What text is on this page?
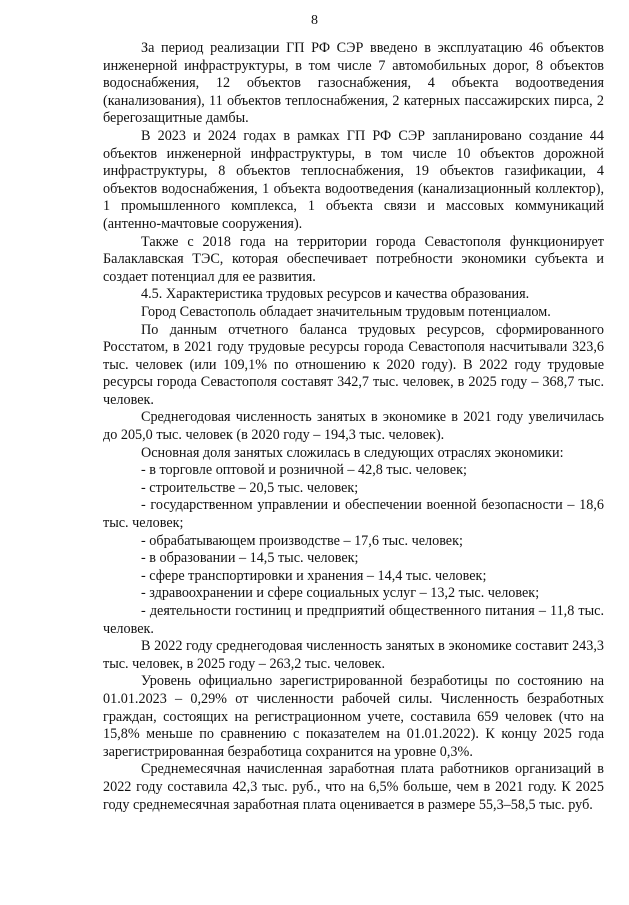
8

За период реализации ГП РФ СЭР введено в эксплуатацию 46 объектов инженерной инфраструктуры, в том числе 7 автомобильных дорог, 8 объектов водоснабжения, 12 объектов газоснабжения, 4 объекта водоотведения (канализования), 11 объектов теплоснабжения, 2 катерных пассажирских пирса, 2 берегозащитные дамбы.

В 2023 и 2024 годах в рамках ГП РФ СЭР запланировано создание 44 объектов инженерной инфраструктуры, в том числе 10 объектов дорожной инфраструктуры, 8 объектов теплоснабжения, 19 объектов газификации, 4 объектов водоснабжения, 1 объекта водоотведения (канализационный коллектор), 1 промышленного комплекса, 1 объекта связи и массовых коммуникаций (антенно-мачтовые сооружения).

Также с 2018 года на территории города Севастополя функционирует Балаклавская ТЭС, которая обеспечивает потребности экономики субъекта и создает потенциал для ее развития.

4.5. Характеристика трудовых ресурсов и качества образования.

Город Севастополь обладает значительным трудовым потенциалом.

По данным отчетного баланса трудовых ресурсов, сформированного Росстатом, в 2021 году трудовые ресурсы города Севастополя насчитывали 323,6 тыс. человек (или 109,1% по отношению к 2020 году). В 2022 году трудовые ресурсы города Севастополя составят 342,7 тыс. человек, в 2025 году – 368,7 тыс. человек.

Среднегодовая численность занятых в экономике в 2021 году увеличилась до 205,0 тыс. человек (в 2020 году – 194,3 тыс. человек).

Основная доля занятых сложилась в следующих отраслях экономики:

- в торговле оптовой и розничной – 42,8 тыс. человек;

- строительстве – 20,5 тыс. человек;

- государственном управлении и обеспечении военной безопасности – 18,6 тыс. человек;

- обрабатывающем производстве – 17,6 тыс. человек;

- в образовании – 14,5 тыс. человек;

- сфере транспортировки и хранения – 14,4 тыс. человек;

- здравоохранении и сфере социальных услуг – 13,2 тыс. человек;

- деятельности гостиниц и предприятий общественного питания – 11,8 тыс. человек.

В 2022 году среднегодовая численность занятых в экономике составит 243,3 тыс. человек, в 2025 году – 263,2 тыс. человек.

Уровень официально зарегистрированной безработицы по состоянию на 01.01.2023 – 0,29% от численности рабочей силы. Численность безработных граждан, состоящих на регистрационном учете, составила 659 человек (что на 15,8% меньше по сравнению с показателем на 01.01.2022). К концу 2025 года зарегистрированная безработица сохранится на уровне 0,3%.

Среднемесячная начисленная заработная плата работников организаций в 2022 году составила 42,3 тыс. руб., что на 6,5% больше, чем в 2021 году. К 2025 году среднемесячная заработная плата оценивается в размере 55,3–58,5 тыс. руб.
